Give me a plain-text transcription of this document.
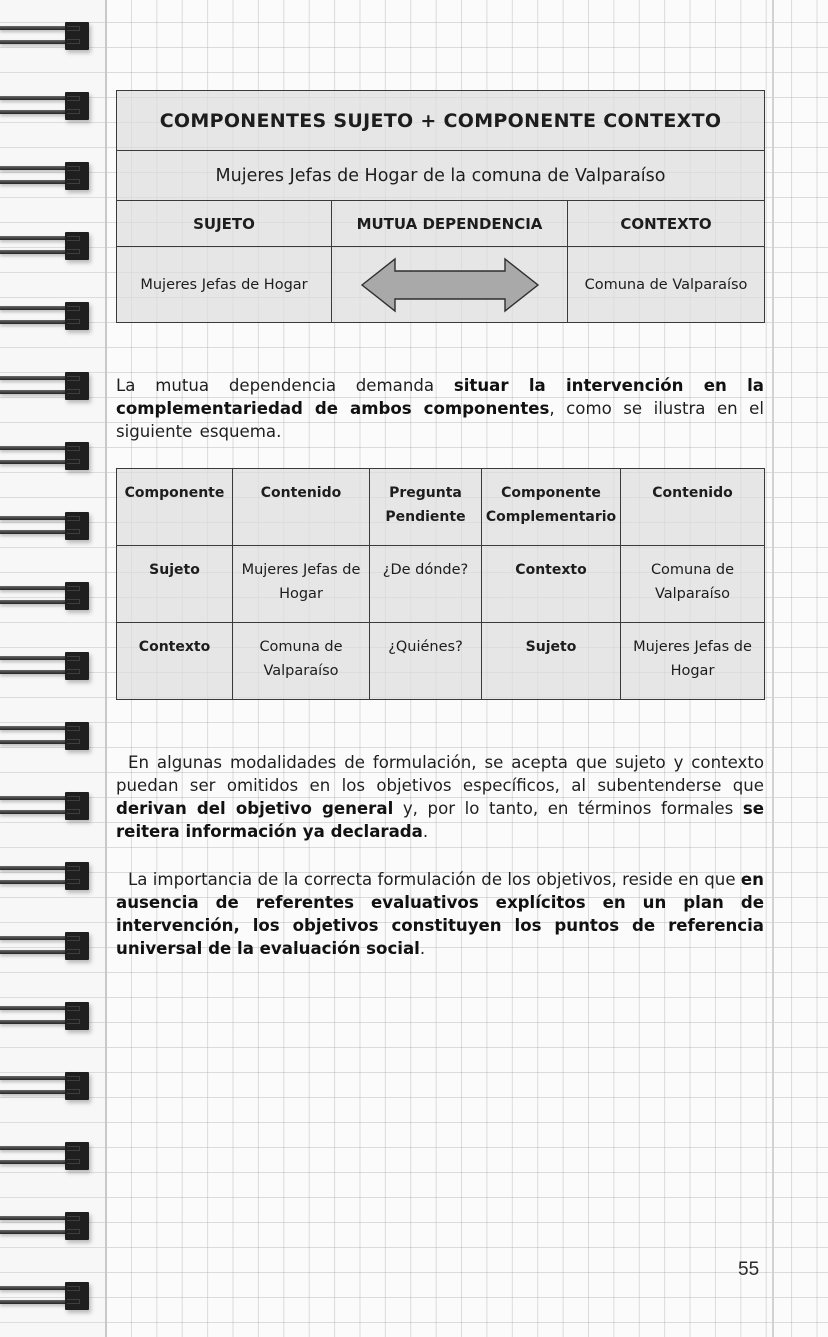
COMPONENTES SUJETO + COMPONENTE CONTEXTO		
Mujeres Jefas de Hogar de la comuna de Valparaíso		
SUJETO	MUTUA DEPENDENCIA	CONTEXTO
Mujeres Jefas de Hogar		Comuna de Valparaíso

La mutua dependencia demanda situar la intervención en la complementariedad de ambos componentes, como se ilustra en el siguiente esquema.

Componente	Contenido	Pregunta Pendiente	Componente Complementario	Contenido
Sujeto	Mujeres Jefas de Hogar	¿De dónde?	Contexto	Comuna de Valparaíso
Contexto	Comuna de Valparaíso	¿Quiénes?	Sujeto	Mujeres Jefas de Hogar

En algunas modalidades de formulación, se acepta que sujeto y contexto puedan ser omitidos en los objetivos específicos, al subentenderse que derivan del objetivo general y, por lo tanto, en términos formales se reitera información ya declarada.

La importancia de la correcta formulación de los objetivos, reside en que en ausencia de referentes evaluativos explícitos en un plan de intervención, los objetivos constituyen los puntos de referencia universal de la evaluación social.

55
